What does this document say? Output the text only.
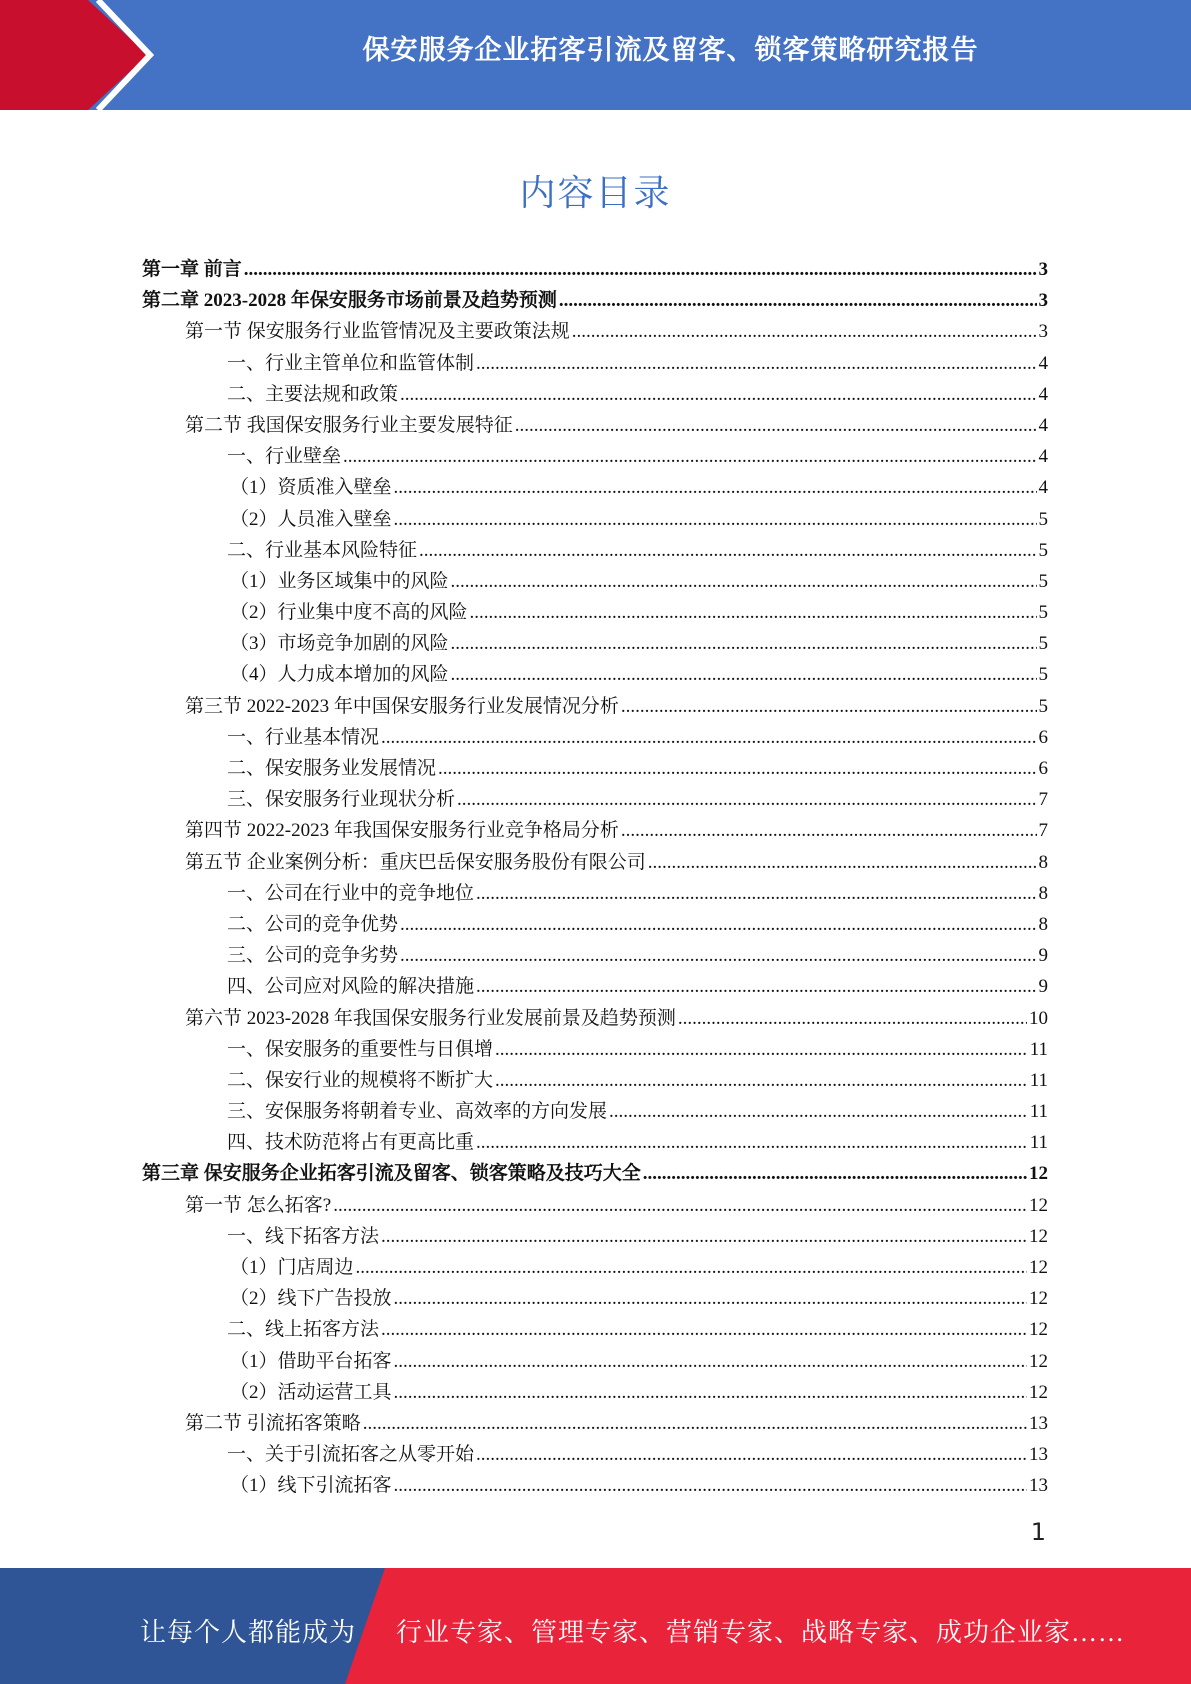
保安服务企业拓客引流及留客、锁客策略研究报告
内容目录
第一章 前言 .....	3
第二章 2023-2028 年保安服务市场前景及趋势预测 .....	3
第一节 保安服务行业监管情况及主要政策法规 .....	3
一、行业主管单位和监管体制 .....	4
二、主要法规和政策 .....	4
第二节 我国保安服务行业主要发展特征 .....	4
一、行业壁垒 .....	4
（1）资质准入壁垒 .....	4
（2）人员准入壁垒 .....	5
二、行业基本风险特征 .....	5
（1）业务区域集中的风险 .....	5
（2）行业集中度不高的风险 .....	5
（3）市场竞争加剧的风险 .....	5
（4）人力成本增加的风险 .....	5
第三节 2022-2023 年中国保安服务行业发展情况分析 .....	5
一、行业基本情况 .....	6
二、保安服务业发展情况 .....	6
三、保安服务行业现状分析 .....	7
第四节 2022-2023 年我国保安服务行业竞争格局分析 .....	7
第五节 企业案例分析：重庆巴岳保安服务股份有限公司 .....	8
一、公司在行业中的竞争地位 .....	8
二、公司的竞争优势 .....	8
三、公司的竞争劣势 .....	9
四、公司应对风险的解决措施 .....	9
第六节 2023-2028 年我国保安服务行业发展前景及趋势预测 .....	10
一、保安服务的重要性与日俱增 .....	11
二、保安行业的规模将不断扩大 .....	11
三、安保服务将朝着专业、高效率的方向发展 .....	11
四、技术防范将占有更高比重 .....	11
第三章 保安服务企业拓客引流及留客、锁客策略及技巧大全 .....	12
第一节 怎么拓客? .....	12
一、线下拓客方法 .....	12
（1）门店周边 .....	12
（2）线下广告投放 .....	12
二、线上拓客方法 .....	12
（1）借助平台拓客 .....	12
（2）活动运营工具 .....	12
第二节 引流拓客策略 .....	13
一、关于引流拓客之从零开始 .....	13
（1）线下引流拓客 .....	13
1
让每个人都能成为 行业专家、管理专家、营销专家、战略专家、成功企业家……
